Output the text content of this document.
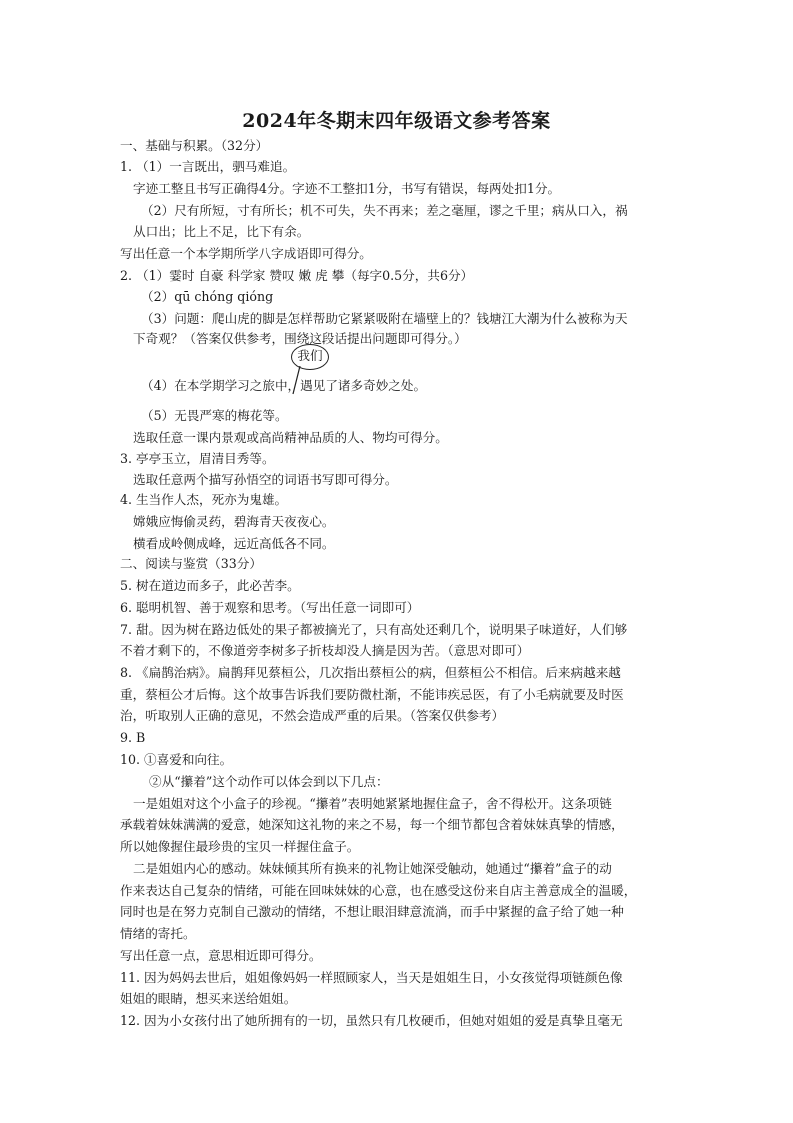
2024年冬期末四年级语文参考答案
一、基础与积累。（32分）
1. （1）一言既出，驷马难追。
字迹工整且书写正确得4分。字迹不工整扣1分，书写有错误，每两处扣1分。
（2）尺有所短，寸有所长；机不可失，失不再来；差之毫厘，谬之千里；病从口入，祸
从口出；比上不足，比下有余。
写出任意一个本学期所学八字成语即可得分。
2. （1）霎时 自豪 科学家 赞叹 嫩 虎 攀（每字0.5分，共6分）
（2）qū chóng qióng
（3）问题：爬山虎的脚是怎样帮助它紧紧吸附在墙壁上的？钱塘江大潮为什么被称为天
下奇观？（答案仅供参考，围绕这段话提出问题即可得分。）
我们
（4）在本学期学习之旅中，遇见了诸多奇妙之处。
（5）无畏严寒的梅花等。
选取任意一课内景观或高尚精神品质的人、物均可得分。
3. 亭亭玉立，眉清目秀等。
选取任意两个描写孙悟空的词语书写即可得分。
4. 生当作人杰，死亦为鬼雄。
嫦娥应悔偷灵药，碧海青天夜夜心。
横看成岭侧成峰，远近高低各不同。
二、阅读与鉴赏（33分）
5. 树在道边而多子，此必苦李。
6. 聪明机智、善于观察和思考。（写出任意一词即可）
7. 甜。因为树在路边低处的果子都被摘光了，只有高处还剩几个，说明果子味道好，人们够
不着才剩下的，不像道旁李树多子折枝却没人摘是因为苦。（意思对即可）
8. 《扁鹊治病》。扁鹊拜见蔡桓公，几次指出蔡桓公的病，但蔡桓公不相信。后来病越来越
重，蔡桓公才后悔。这个故事告诉我们要防微杜渐，不能讳疾忌医，有了小毛病就要及时医
治，听取别人正确的意见，不然会造成严重的后果。（答案仅供参考）
9. B
10. ①喜爱和向往。
②从“攥着”这个动作可以体会到以下几点：
一是姐姐对这个小盒子的珍视。“攥着”表明她紧紧地握住盒子，舍不得松开。这条项链
承载着妹妹满满的爱意，她深知这礼物的来之不易，每一个细节都包含着妹妹真挚的情感，
所以她像握住最珍贵的宝贝一样握住盒子。
二是姐姐内心的感动。妹妹倾其所有换来的礼物让她深受触动，她通过“攥着”盒子的动
作来表达自己复杂的情绪，可能在回味妹妹的心意，也在感受这份来自店主善意成全的温暖，
同时也是在努力克制自己激动的情绪，不想让眼泪肆意流淌，而手中紧握的盒子给了她一种
情绪的寄托。
写出任意一点，意思相近即可得分。
11. 因为妈妈去世后，姐姐像妈妈一样照顾家人，当天是姐姐生日，小女孩觉得项链颜色像
姐姐的眼睛，想买来送给姐姐。
12. 因为小女孩付出了她所拥有的一切，虽然只有几枚硬币，但她对姐姐的爱是真挚且毫无
